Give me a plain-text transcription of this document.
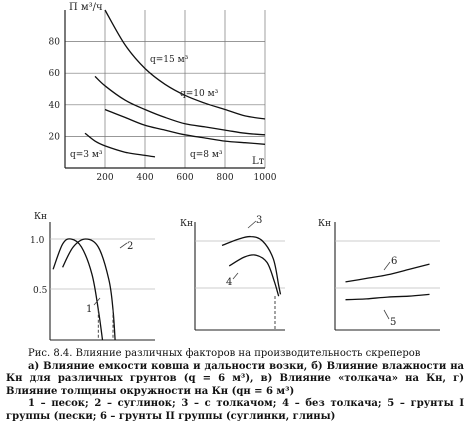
200	400	600	800 1000
20
40
60
80
П м³/ч
Lт
q=15 м³
q=10 м³
q=8 м³
q=3 м³
Кн
1.0
0.5
2
1
Кн	3
4
Кн
6
5

Рис. 8.4. Влияние различных факторов на производительность скреперов

а) Влияние емкости ковша и дальности возки, б) Влияние влажности на Кн для различных грунтов (q = 6 м³), в) Влияние «толкача» на Кн, г) Влияние толщины окружности на Кн (qн = 6 м³)

1 – песок; 2 – суглинок; 3 – с толкачом; 4 – без толкача; 5 – грунты I группы (пески; 6 – грунты II группы (суглинки, глины)
